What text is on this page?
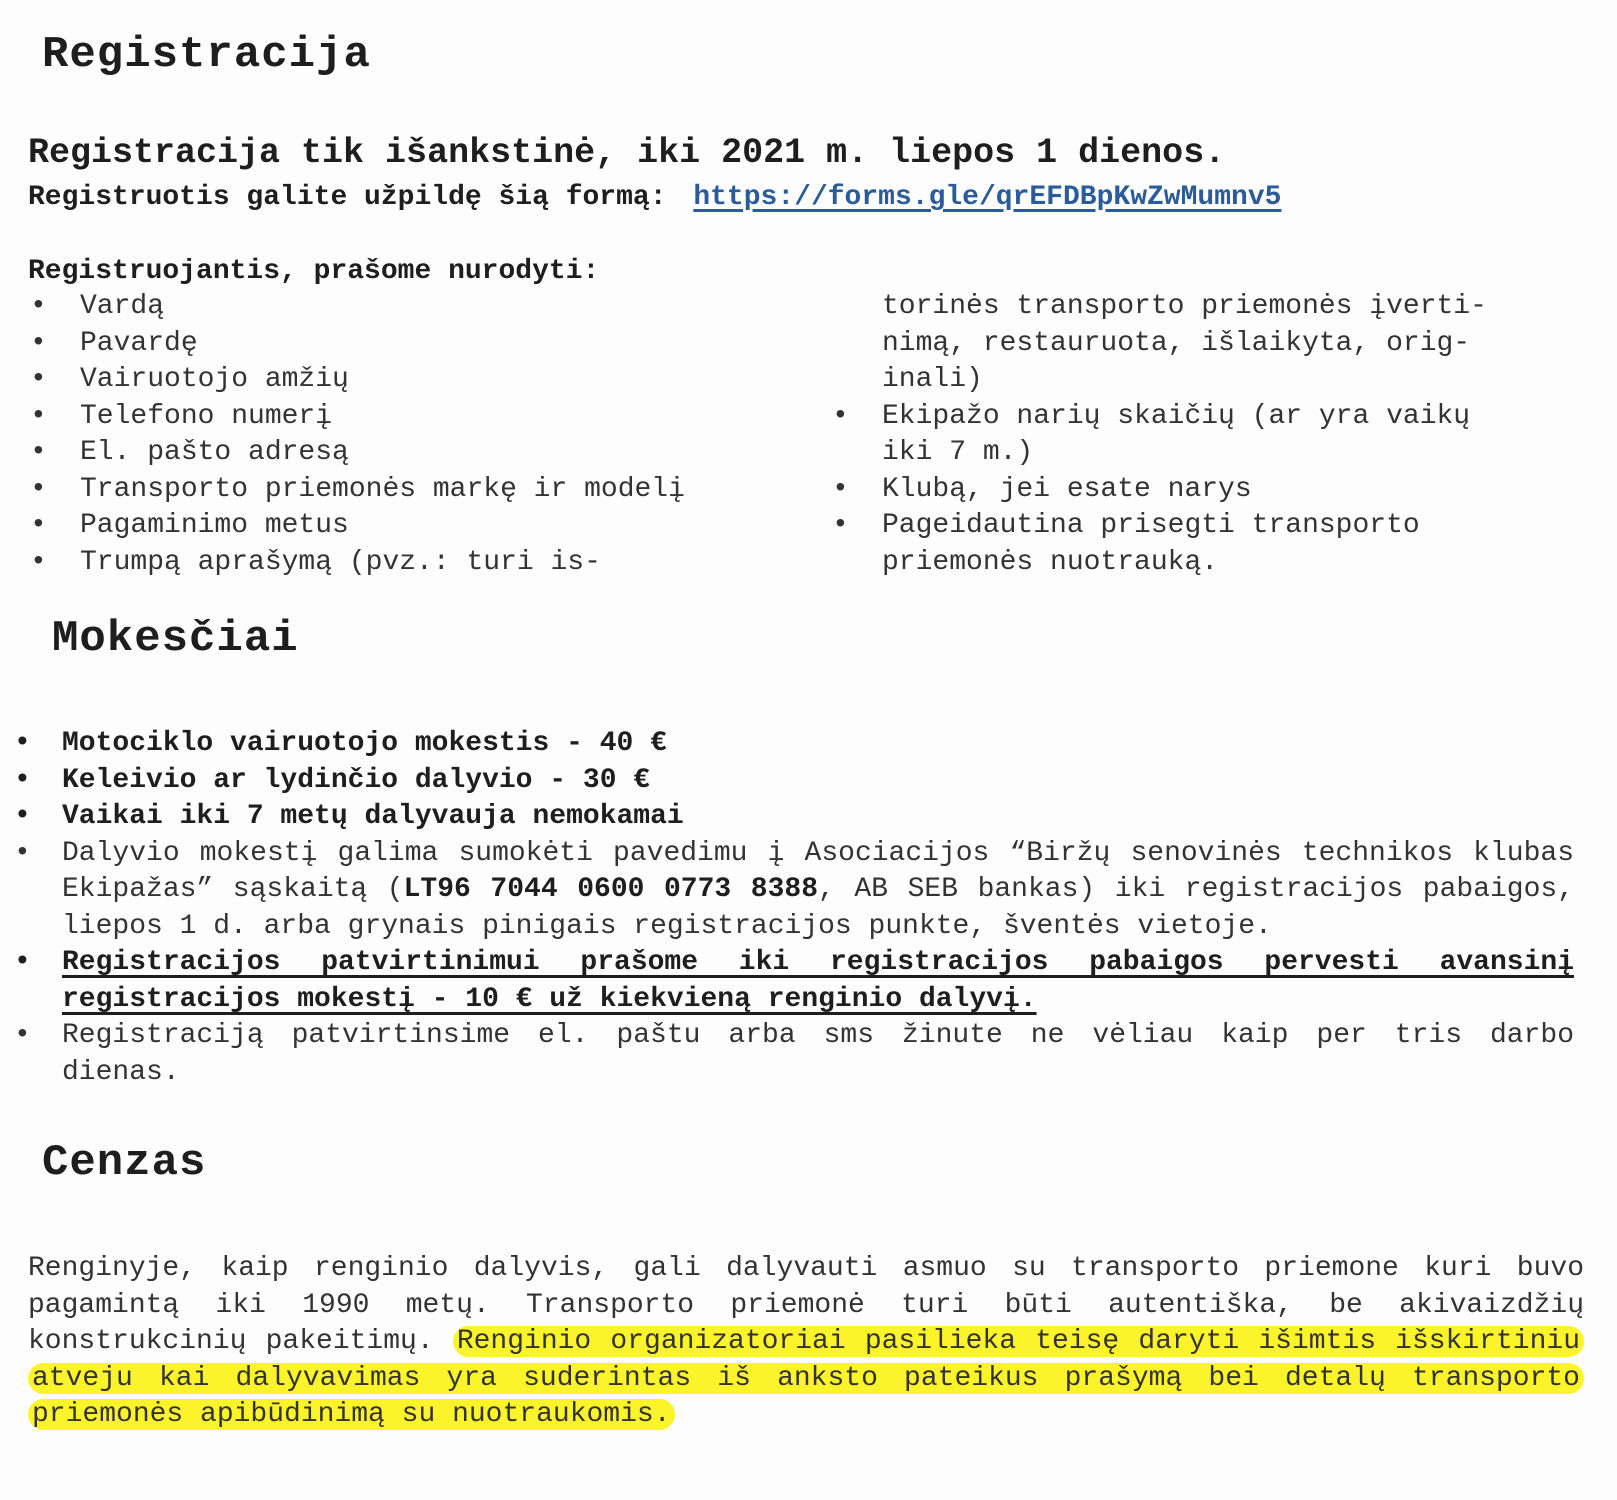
Registracija
Registracija tik išankstinė, iki 2021 m. liepos 1 dienos.
Registruotis galite užpildę šią formą: https://forms.gle/qrEFDBpKwZwMumnv5
Registruojantis, prašome nurodyti:
• Vardą
• Pavardę
• Vairuotojo amžių
• Telefono numerį
• El. pašto adresą
• Transporto priemonės markę ir modelį
• Pagaminimo metus
• Trumpą aprašymą (pvz.: turi is-
torinės transporto priemonės įverti-
nimą, restauruota, išlaikyta, orig-
inali)
• Ekipažo narių skaičių (ar yra vaikų
iki 7 m.)
• Klubą, jei esate narys
• Pageidautina prisegti transporto
priemonės nuotrauką.
Mokesčiai
• Motociklo vairuotojo mokestis - 40 €
• Keleivio ar lydinčio dalyvio - 30 €
• Vaikai iki 7 metų dalyvauja nemokamai
• Dalyvio mokestį galima sumokėti pavedimu į Asociacijos “Biržų senovinės technikos klubas Ekipažas” sąskaitą (LT96 7044 0600 0773 8388, AB SEB bankas) iki registracijos pabaigos, liepos 1 d. arba grynais pinigais registracijos punkte, šventės vietoje.
• Registracijos patvirtinimui prašome iki registracijos pabaigos pervesti avansinį registracijos mokestį - 10 € už kiekvieną renginio dalyvį.
• Registraciją patvirtinsime el. paštu arba sms žinute ne vėliau kaip per tris darbo dienas.
Cenzas
Renginyje, kaip renginio dalyvis, gali dalyvauti asmuo su transporto priemone kuri buvo pagamintą iki 1990 metų. Transporto priemonė turi būti autentiška, be akivaizdžių konstrukcinių pakeitimų. Renginio organizatoriai pasilieka teisę daryti išimtis išskirtiniu atveju kai dalyvavimas yra suderintas iš anksto pateikus prašymą bei detalų transporto priemonės apibūdinimą su nuotraukomis.
